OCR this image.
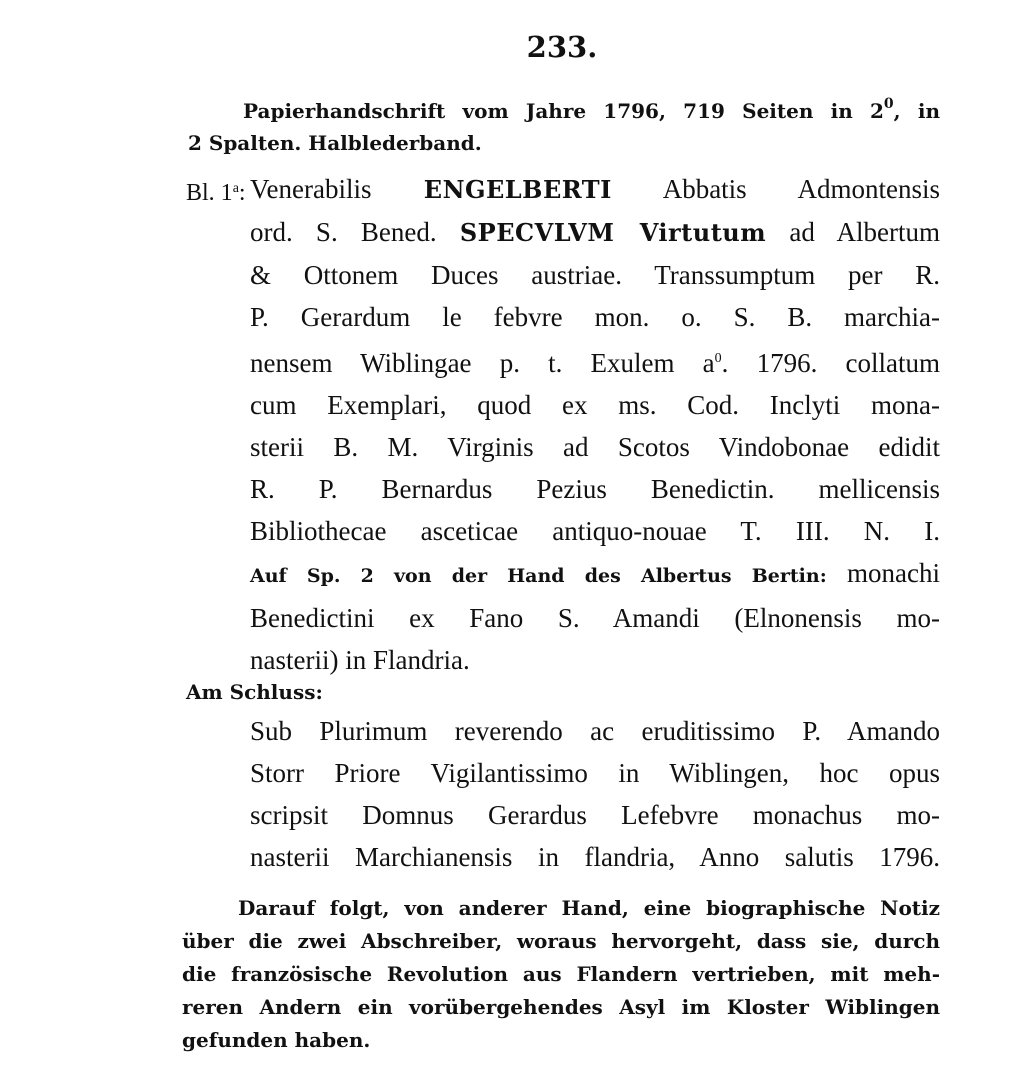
233.
Papierhandschrift vom Jahre 1796, 719 Seiten in $2^0$, in
2 Spalten. Halblederband.
Bl. 1$^a$: Venerabilis ENGELBERTI Abbatis Admontensis
ord. S. Bened. SPECVLVM Virtutum ad Albertum
& Ottonem Duces austriae. Transsumptum per R.
P. Gerardum le febvre mon. o. S. B. marchia-
nensem Wiblingae p. t. Exulem $a^0$. 1796. collatum
cum Exemplari, quod ex ms. Cod. Inclyti mona-
sterii B. M. Virginis ad Scotos Vindobonae edidit
R. P. Bernardus Pezius Benedictin. mellicensis
Bibliothecae asceticae antiquo-nouae T. III. N. I.
Auf Sp. 2 von der Hand des Albertus Bertin: monachi
Benedictini ex Fano S. Amandi (Elnonensis mo-
nasterii) in Flandria.
Am Schluss:
Sub Plurimum reverendo ac eruditissimo P. Amando
Storr Priore Vigilantissimo in Wiblingen, hoc opus
scripsit Domnus Gerardus Lefebvre monachus mo-
nasterii Marchianensis in flandria, Anno salutis 1796.
Darauf folgt, von anderer Hand, eine biographische Notiz
über die zwei Abschreiber, woraus hervorgeht, dass sie, durch
die französische Revolution aus Flandern vertrieben, mit meh-
reren Andern ein vorübergehendes Asyl im Kloster Wiblingen
gefunden haben.
